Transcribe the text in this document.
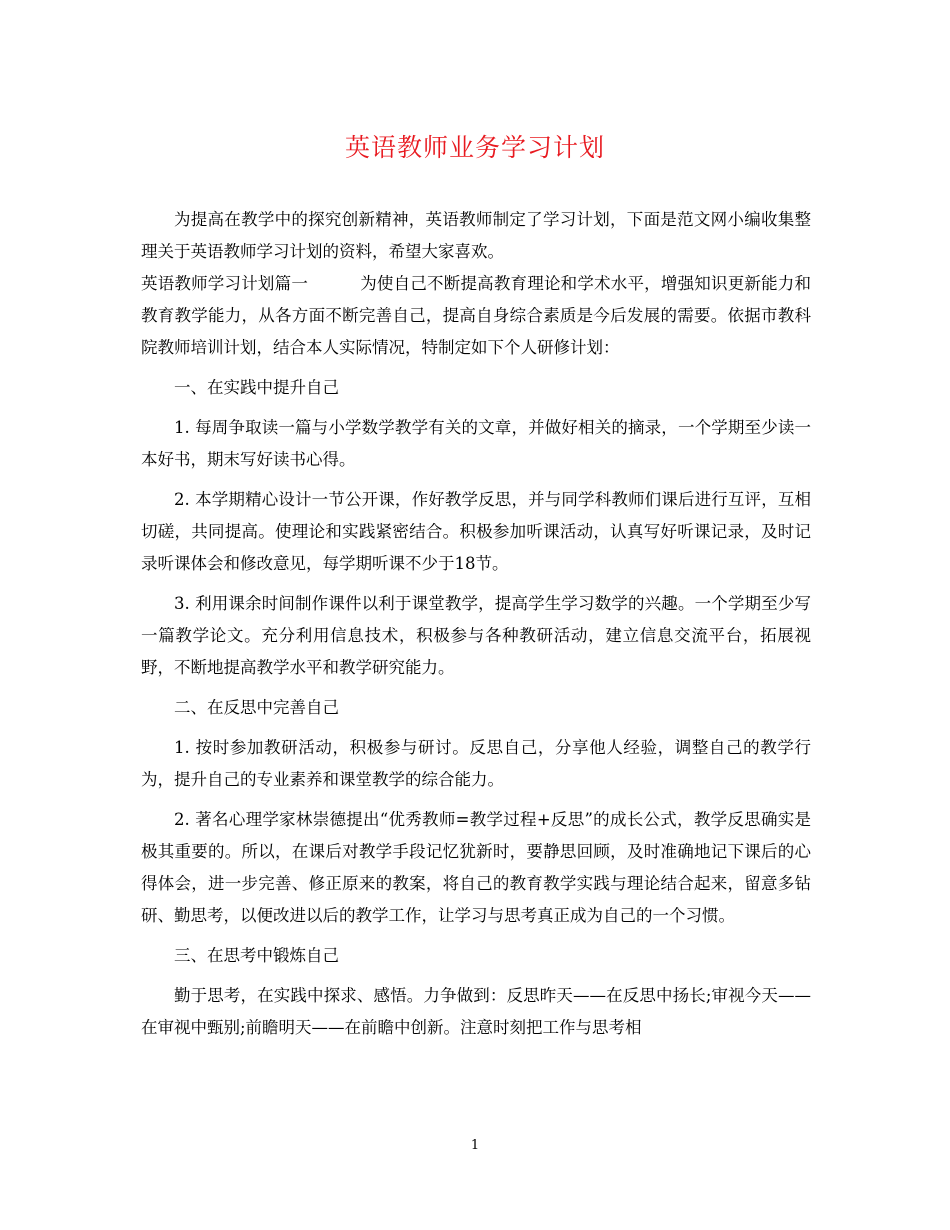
英语教师业务学习计划

为提高在教学中的探究创新精神，英语教师制定了学习计划，下面是范文网小编收集整理关于英语教师学习计划的资料，希望大家喜欢。

英语教师学习计划篇一	为使自己不断提高教育理论和学术水平，增强知识更新能力和教育教学能力，从各方面不断完善自己，提高自身综合素质是今后发展的需要。依据市教科院教师培训计划，结合本人实际情况，特制定如下个人研修计划：

一、在实践中提升自己

1. 每周争取读一篇与小学数学教学有关的文章，并做好相关的摘录，一个学期至少读一本好书，期末写好读书心得。

2. 本学期精心设计一节公开课，作好教学反思，并与同学科教师们课后进行互评，互相切磋，共同提高。使理论和实践紧密结合。积极参加听课活动，认真写好听课记录，及时记录听课体会和修改意见，每学期听课不少于18节。

3. 利用课余时间制作课件以利于课堂教学，提高学生学习数学的兴趣。一个学期至少写一篇教学论文。充分利用信息技术，积极参与各种教研活动，建立信息交流平台，拓展视野，不断地提高教学水平和教学研究能力。

二、在反思中完善自己

1. 按时参加教研活动，积极参与研讨。反思自己，分享他人经验，调整自己的教学行为，提升自己的专业素养和课堂教学的综合能力。

2. 著名心理学家林崇德提出“优秀教师=教学过程+反思”的成长公式，教学反思确实是极其重要的。所以，在课后对教学手段记忆犹新时，要静思回顾，及时准确地记下课后的心得体会，进一步完善、修正原来的教案，将自己的教育教学实践与理论结合起来，留意多钻研、勤思考，以便改进以后的教学工作，让学习与思考真正成为自己的一个习惯。

三、在思考中锻炼自己

勤于思考，在实践中探求、感悟。力争做到：反思昨天——在反思中扬长;审视今天——在审视中甄别;前瞻明天——在前瞻中创新。注意时刻把工作与思考相

1
